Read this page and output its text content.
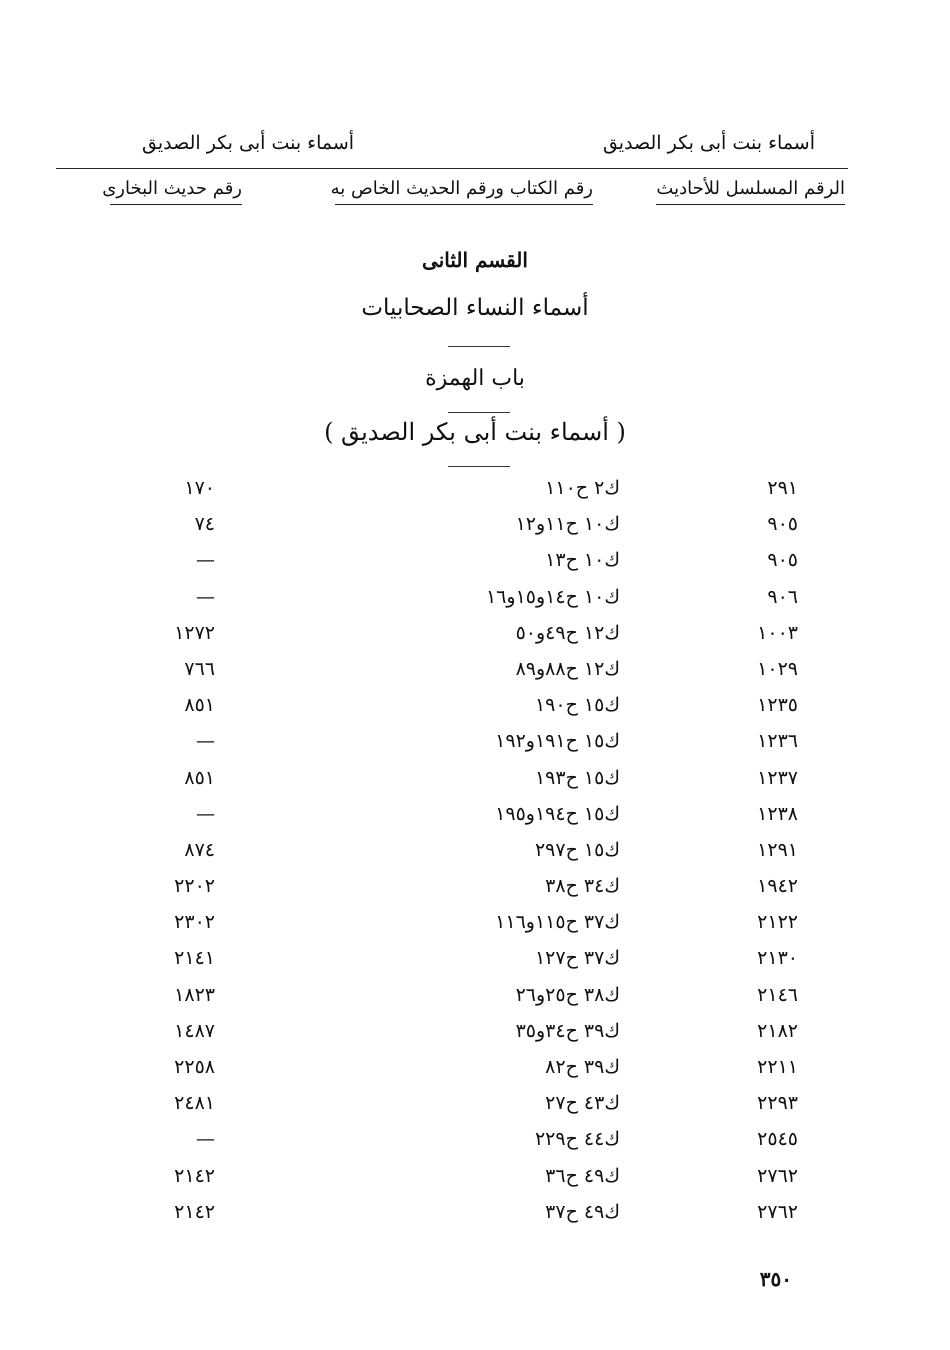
أسماء بنت أبى بكر الصديق
أسماء بنت أبى بكر الصديق
الرقم المسلسل للأحاديث
رقم الكتاب ورقم الحديث الخاص به
رقم حديث البخارى
القسم الثانى
أسماء النساء الصحابيات
باب الهمزة
( أسماء بنت أبى بكر الصديق )
٢٩١
ك٢ ح١١٠
١٧٠
٩٠٥
ك١٠ ح١١و١٢
٧٤
٩٠٥
ك١٠ ح١٣
—
٩٠٦
ك١٠ ح١٤و١٥و١٦
—
١٠٠٣
ك١٢ ح٤٩و٥٠
١٢٧٢
١٠٢٩
ك١٢ ح٨٨و٨٩
٧٦٦
١٢٣٥
ك١٥ ح١٩٠
٨٥١
١٢٣٦
ك١٥ ح١٩١و١٩٢
—
١٢٣٧
ك١٥ ح١٩٣
٨٥١
١٢٣٨
ك١٥ ح١٩٤و١٩٥
—
١٢٩١
ك١٥ ح٢٩٧
٨٧٤
١٩٤٢
ك٣٤ ح٣٨
٢٢٠٢
٢١٢٢
ك٣٧ ح١١٥و١١٦
٢٣٠٢
٢١٣٠
ك٣٧ ح١٢٧
٢١٤١
٢١٤٦
ك٣٨ ح٢٥و٢٦
١٨٢٣
٢١٨٢
ك٣٩ ح٣٤و٣٥
١٤٨٧
٢٢١١
ك٣٩ ح٨٢
٢٢٥٨
٢٢٩٣
ك٤٣ ح٢٧
٢٤٨١
٢٥٤٥
ك٤٤ ح٢٢٩
—
٢٧٦٢
ك٤٩ ح٣٦
٢١٤٢
٢٧٦٢
ك٤٩ ح٣٧
٢١٤٢
٣٥٠
